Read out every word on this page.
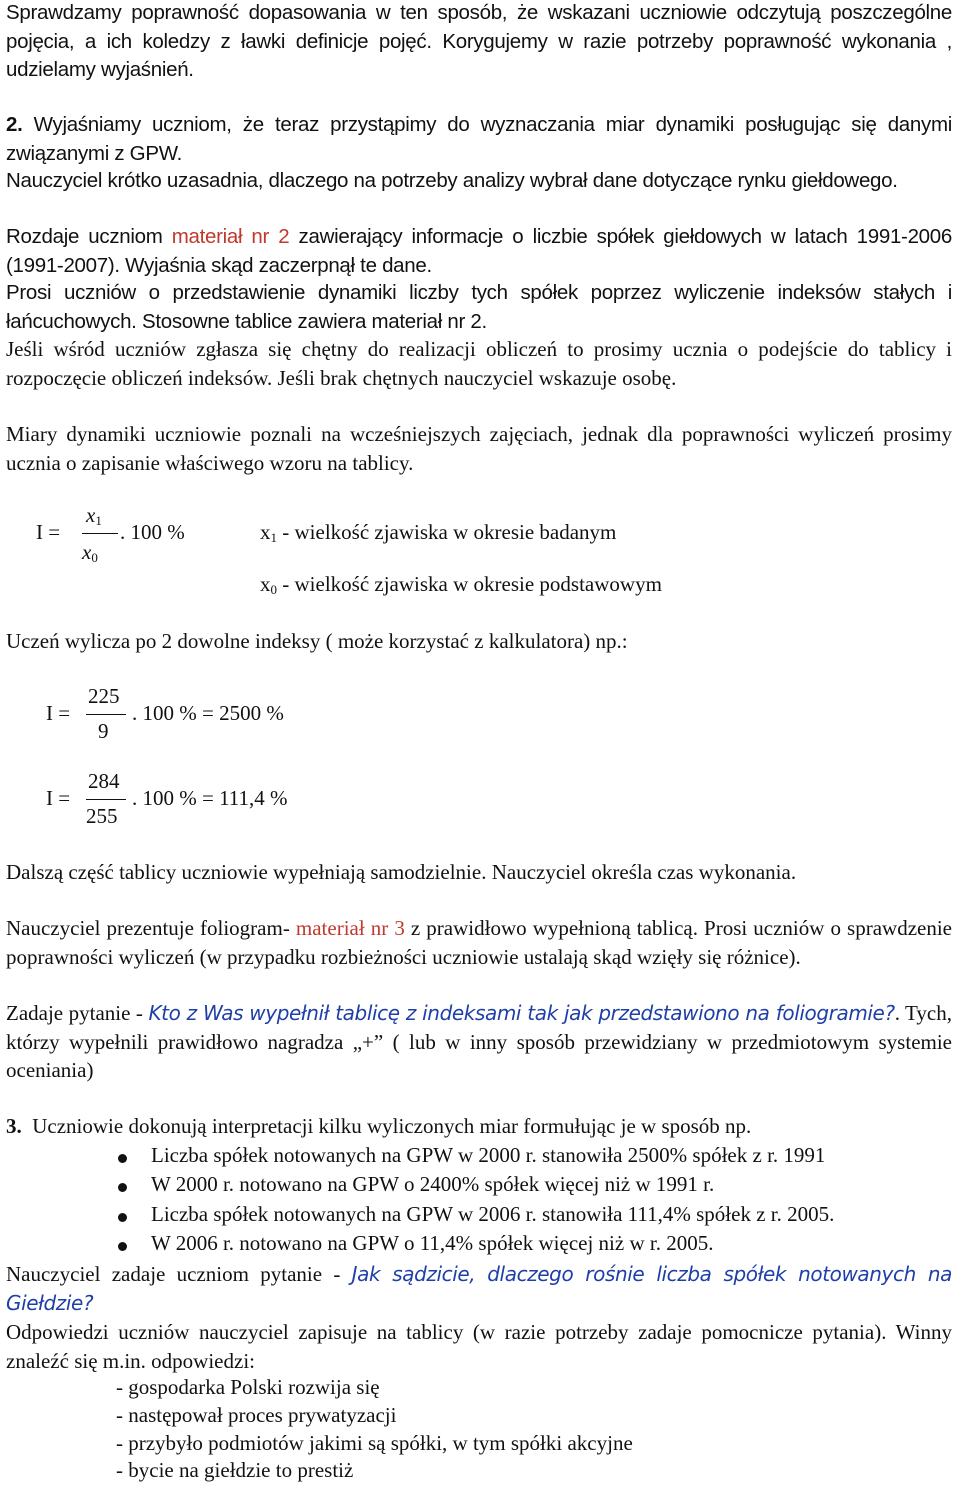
Sprawdzamy poprawność dopasowania w ten sposób, że wskazani uczniowie odczytują poszczególne pojęcia, a ich koledzy z ławki definicje pojęć. Korygujemy w razie potrzeby poprawność wykonania , udzielamy wyjaśnień.

2. Wyjaśniamy uczniom, że teraz przystąpimy do wyznaczania miar dynamiki posługując się danymi związanymi z GPW.

Nauczyciel krótko uzasadnia, dlaczego na potrzeby analizy wybrał dane dotyczące rynku giełdowego.

Rozdaje uczniom materiał nr 2 zawierający informacje o liczbie spółek giełdowych w latach 1991-2006 (1991-2007). Wyjaśnia skąd zaczerpnął te dane.

Prosi uczniów o przedstawienie dynamiki liczby tych spółek poprzez wyliczenie indeksów stałych i łańcuchowych. Stosowne tablice zawiera materiał nr 2.

Jeśli wśród uczniów zgłasza się chętny do realizacji obliczeń to prosimy ucznia o podejście do tablicy i rozpoczęcie obliczeń indeksów. Jeśli brak chętnych nauczyciel wskazuje osobę.

Miary dynamiki uczniowie poznali na wcześniejszych zajęciach, jednak dla poprawności wyliczeń prosimy ucznia o zapisanie właściwego wzoru na tablicy.

I =
$x_1$
$x_0$
. 100 %	$x_1$ - wielkość zjawiska w okresie badanym
$x_0$ - wielkość zjawiska w okresie podstawowym

Uczeń wylicza po 2 dowolne indeksy ( może korzystać z kalkulatora) np.:

I =
225
9
. 100 % = 2500 %
I =
284
255
. 100 % = 111,4 %

Dalszą część tablicy uczniowie wypełniają samodzielnie. Nauczyciel określa czas wykonania.

Nauczyciel prezentuje foliogram- materiał nr 3 z prawidłowo wypełnioną tablicą. Prosi uczniów o sprawdzenie poprawności wyliczeń (w przypadku rozbieżności uczniowie ustalają skąd wzięły się różnice).

Zadaje pytanie - Kto z Was wypełnił tablicę z indeksami tak jak przedstawiono na foliogramie?. Tych, którzy wypełnili prawidłowo nagradza „+” ( lub w inny sposób przewidziany w przedmiotowym systemie oceniania)

3. Uczniowie dokonują interpretacji kilku wyliczonych miar formułując je w sposób np.

Liczba spółek notowanych na GPW w 2000 r. stanowiła 2500% spółek z r. 1991
W 2000 r. notowano na GPW o 2400% spółek więcej niż w 1991 r.
Liczba spółek notowanych na GPW w 2006 r. stanowiła 111,4% spółek z r. 2005.
W 2006 r. notowano na GPW o 11,4% spółek więcej niż w r. 2005.

Nauczyciel zadaje uczniom pytanie - Jak sądzicie, dlaczego rośnie liczba spółek notowanych na Giełdzie?

Odpowiedzi uczniów nauczyciel zapisuje na tablicy (w razie potrzeby zadaje pomocnicze pytania). Winny znaleźć się m.in. odpowiedzi:

- gospodarka Polski rozwija się
- następował proces prywatyzacji
- przybyło podmiotów jakimi są spółki, w tym spółki akcyjne
- bycie na giełdzie to prestiż
